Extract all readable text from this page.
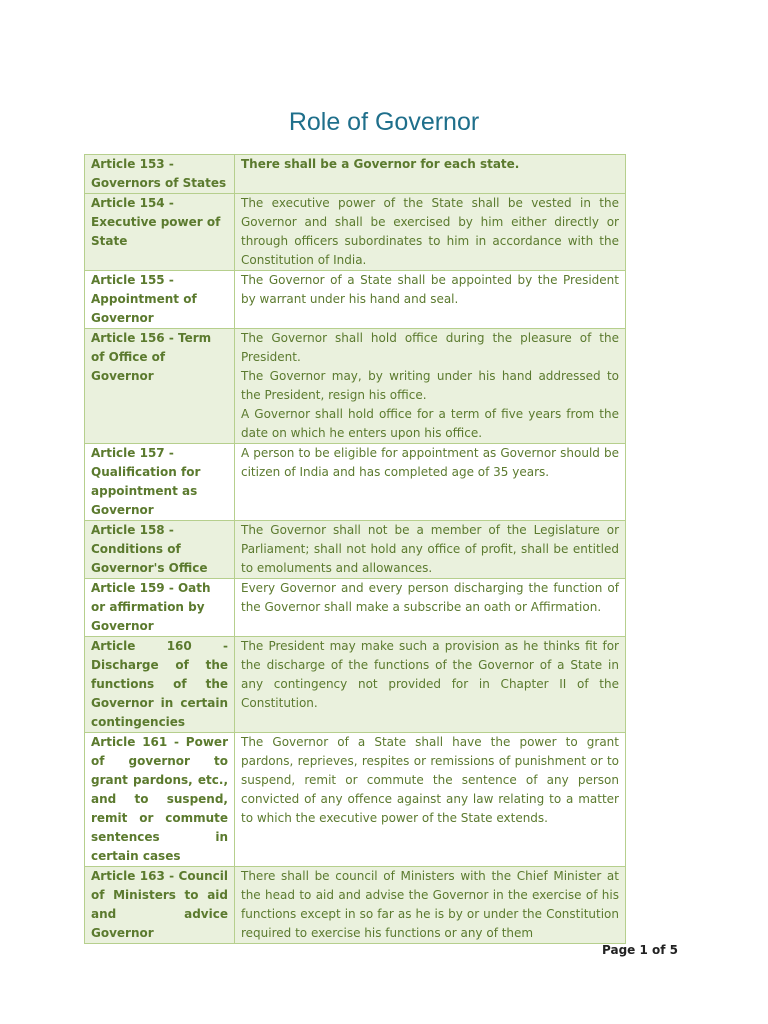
Role of Governor
Article 153 - Governors of States	There shall be a Governor for each state.

Article 154 - Executive power of State	The executive power of the State shall be vested in the Governor and shall be exercised by him either directly or through officers subordinates to him in accordance with the Constitution of India.

Article 155 - Appointment of Governor	The Governor of a State shall be appointed by the President by warrant under his hand and seal.

Article 156 - Term of Office of Governor	The Governor shall hold office during the pleasure of the President.
The Governor may, by writing under his hand addressed to the President, resign his office.
A Governor shall hold office for a term of five years from the date on which he enters upon his office.

Article 157 - Qualification for appointment as Governor	A person to be eligible for appointment as Governor should be citizen of India and has completed age of 35 years.

Article 158 - Conditions of Governor's Office	The Governor shall not be a member of the Legislature or Parliament; shall not hold any office of profit, shall be entitled to emoluments and allowances.

Article 159 - Oath or affirmation by Governor	Every Governor and every person discharging the function of the Governor shall make a subscribe an oath or Affirmation.

Article 160 - Discharge of the functions of the Governor in certain contingencies	The President may make such a provision as he thinks fit for the discharge of the functions of the Governor of a State in any contingency not provided for in Chapter II of the Constitution.

Article 161 - Power of governor to grant pardons, etc., and to suspend, remit or commute sentences in certain cases	The Governor of a State shall have the power to grant pardons, reprieves, respites or remissions of punishment or to suspend, remit or commute the sentence of any person convicted of any offence against any law relating to a matter to which the executive power of the State extends.

Article 163 - Council of Ministers to aid and advice Governor	There shall be council of Ministers with the Chief Minister at the head to aid and advise the Governor in the exercise of his functions except in so far as he is by or under the Constitution required to exercise his functions or any of them
Page 1 of 5
